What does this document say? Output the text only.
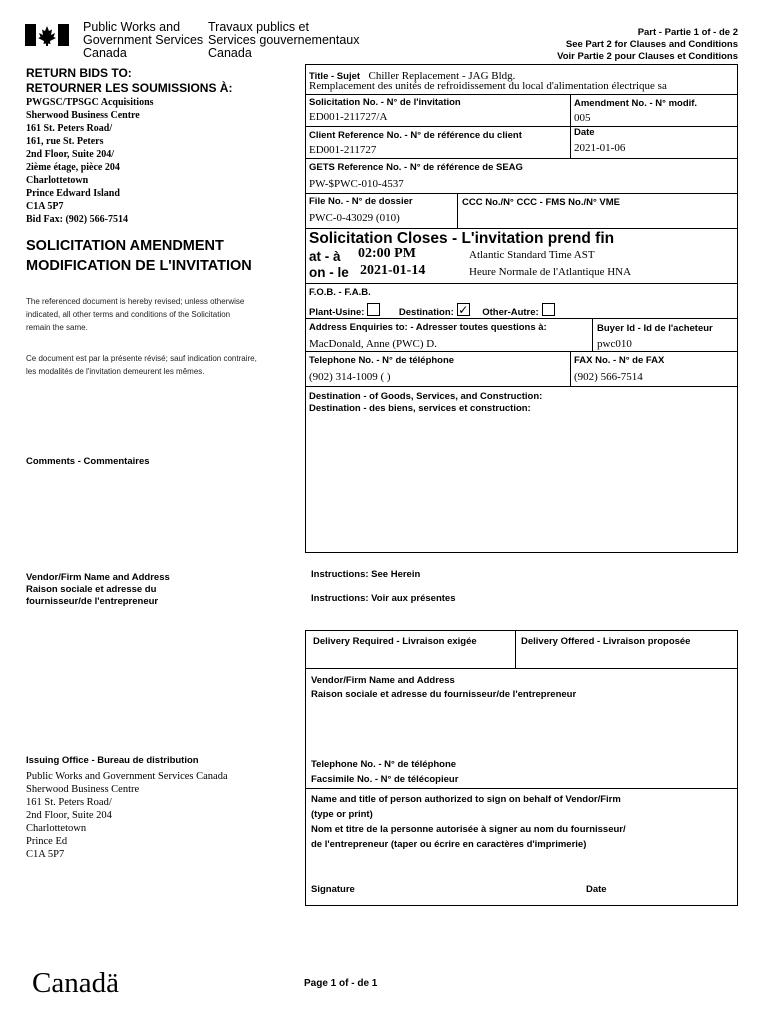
Public Works and
Government Services
Canada
Travaux publics et
Services gouvernementaux
Canada
Part - Partie 1 of - de 2
See Part 2 for Clauses and Conditions
Voir Partie 2 pour Clauses et Conditions
RETURN BIDS TO:
RETOURNER LES SOUMISSIONS À:
PWGSC/TPSGC Acquisitions
Sherwood Business Centre
161 St. Peters Road/
161, rue St. Peters
2nd Floor, Suite 204/
2ième étage, pièce 204
Charlottetown
Prince Edward Island
C1A 5P7
Bid Fax: (902) 566-7514
SOLICITATION AMENDMENT
MODIFICATION DE L'INVITATION
The referenced document is hereby revised; unless otherwise
indicated, all other terms and conditions of the Solicitation
remain the same.
Ce document est par la présente révisé; sauf indication contraire,
les modalités de l'invitation demeurent les mêmes.
Comments - Commentaires
Vendor/Firm Name and Address
Raison sociale et adresse du
fournisseur/de l'entrepreneur
Issuing Office - Bureau de distribution
Public Works and Government Services Canada
Sherwood Business Centre
161 St. Peters Road/
2nd Floor, Suite 204
Charlottetown
Prince Ed
C1A 5P7
Title - Sujet Chiller Replacement - JAG Bldg.
Remplacement des unités de refroidissement du local d'alimentation électrique sa
Solicitation No. - N° de l'invitation
ED001-211727/A
Amendment No. - N° modif.
005
Client Reference No. - N° de référence du client
ED001-211727
Date
2021-01-06
GETS Reference No. - N° de référence de SEAG
PW-$PWC-010-4537
File No. - N° de dossier
PWC-0-43029 (010)
CCC No./N° CCC - FMS No./N° VME
Solicitation Closes - L'invitation prend fin
at - à 02:00 PM
on - le 2021-01-14
Atlantic Standard Time AST
Heure Normale de l'Atlantique HNA
F.O.B. - F.A.B.
Plant-Usine:	Destination: ✓ Other-Autre:
Address Enquiries to: - Adresser toutes questions à:
MacDonald, Anne (PWC) D.
Buyer Id - Id de l'acheteur
pwc010
Telephone No. - N° de téléphone
(902) 314-1009 ( )
FAX No. - N° de FAX
(902) 566-7514
Destination - of Goods, Services, and Construction:
Destination - des biens, services et construction:
Instructions: See Herein
Instructions: Voir aux présentes
Delivery Required - Livraison exigée	Delivery Offered - Livraison proposée
Vendor/Firm Name and Address
Raison sociale et adresse du fournisseur/de l'entrepreneur
Telephone No. - N° de téléphone
Facsimile No. - N° de télécopieur
Name and title of person authorized to sign on behalf of Vendor/Firm
(type or print)
Nom et titre de la personne autorisée à signer au nom du fournisseur/
de l'entrepreneur (taper ou écrire en caractères d'imprimerie)
Signature	Date
Canadä	Page 1 of - de 1
